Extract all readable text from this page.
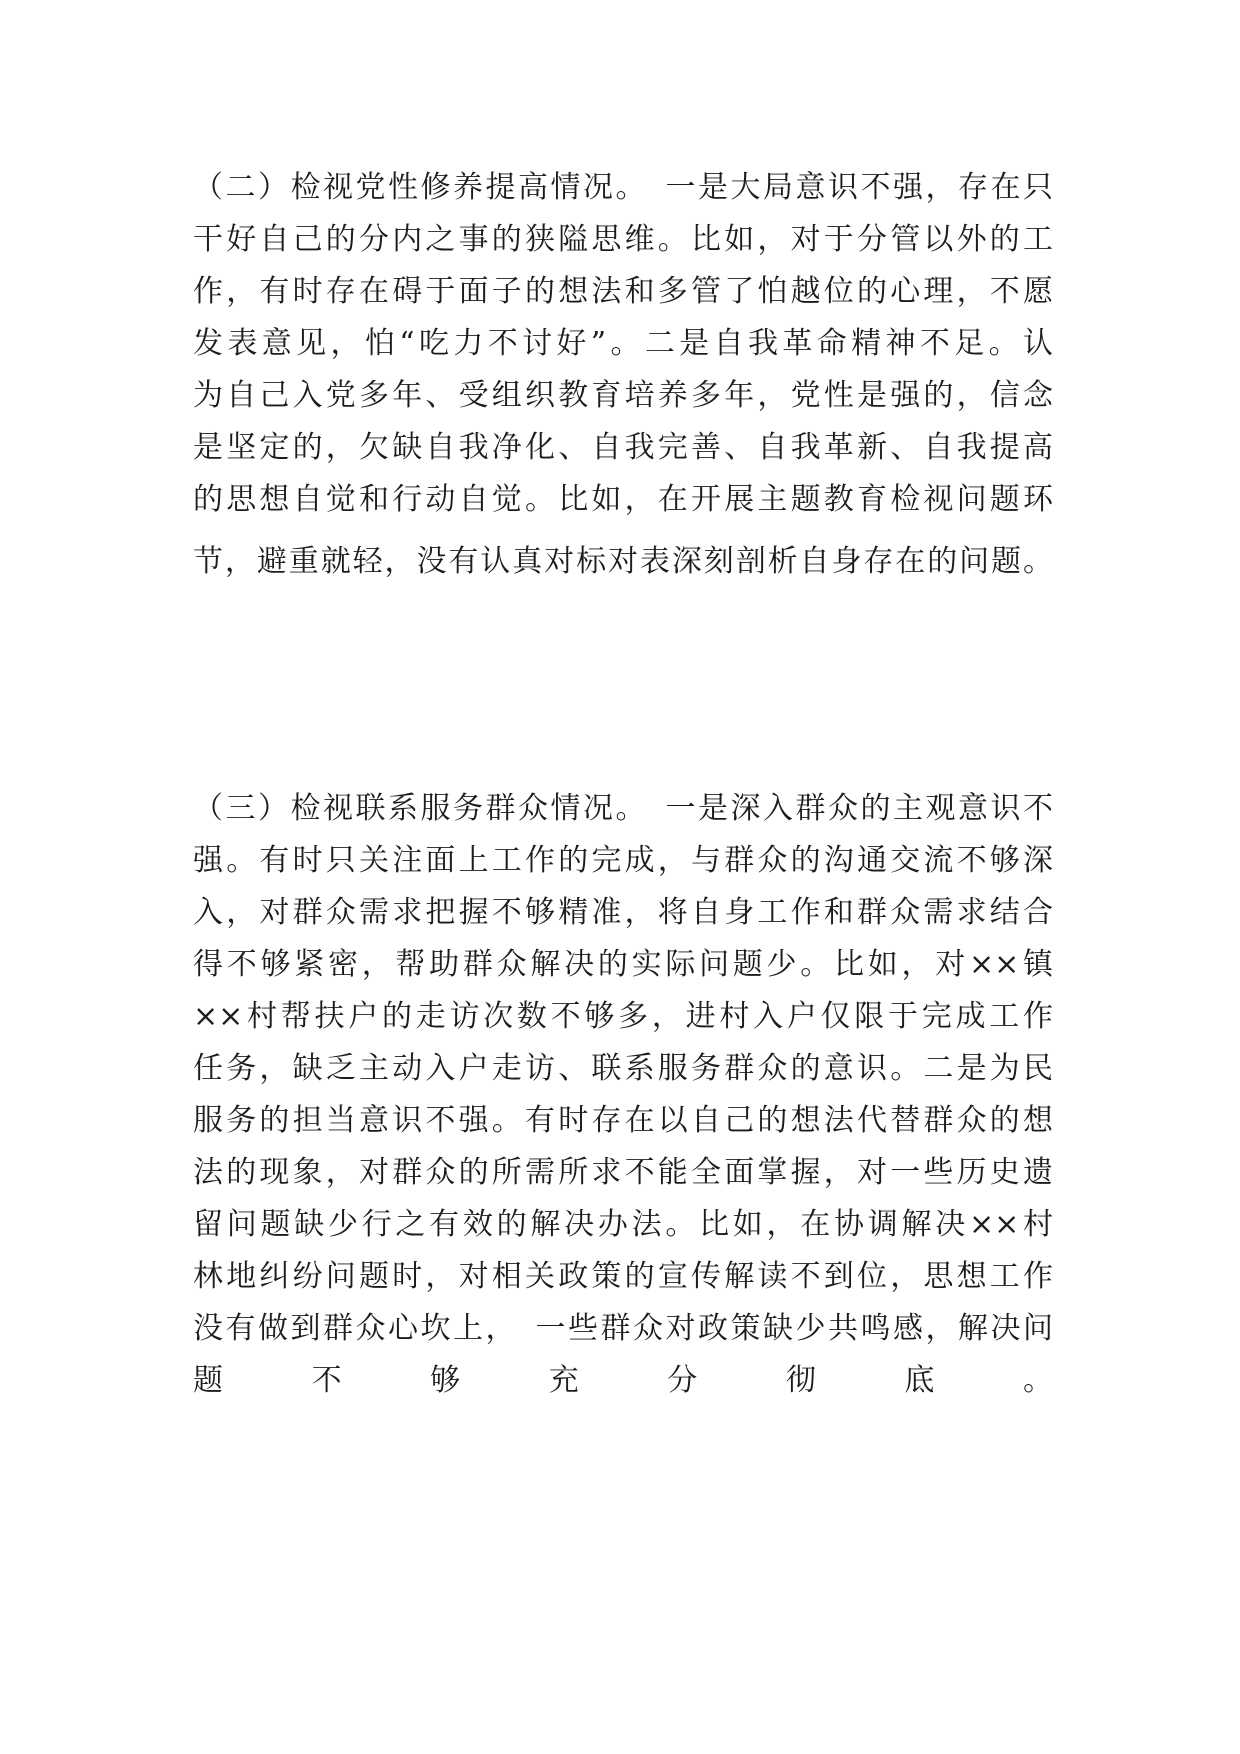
（二）检视党性修养提高情况。　一是大局意识不强，存在只
干好自己的分内之事的狭隘思维。比如，对于分管以外的工
作，有时存在碍于面子的想法和多管了怕越位的心理，不愿
发表意见，怕“吃力不讨好”。二是自我革命精神不足。认
为自己入党多年、受组织教育培养多年，党性是强的，信念
是坚定的，欠缺自我净化、自我完善、自我革新、自我提高
的思想自觉和行动自觉。比如，在开展主题教育检视问题环
节，避重就轻，没有认真对标对表深刻剖析自身存在的问题。
（三）检视联系服务群众情况。　一是深入群众的主观意识不
强。有时只关注面上工作的完成，与群众的沟通交流不够深
入，对群众需求把握不够精准，将自身工作和群众需求结合
得不够紧密，帮助群众解决的实际问题少。比如，对××镇
××村帮扶户的走访次数不够多，进村入户仅限于完成工作
任务，缺乏主动入户走访、联系服务群众的意识。二是为民
服务的担当意识不强。有时存在以自己的想法代替群众的想
法的现象，对群众的所需所求不能全面掌握，对一些历史遗
留问题缺少行之有效的解决办法。比如，在协调解决××村
林地纠纷问题时，对相关政策的宣传解读不到位，思想工作
没有做到群众心坎上，　一些群众对政策缺少共鸣感，解决问
题不够充分彻底。
